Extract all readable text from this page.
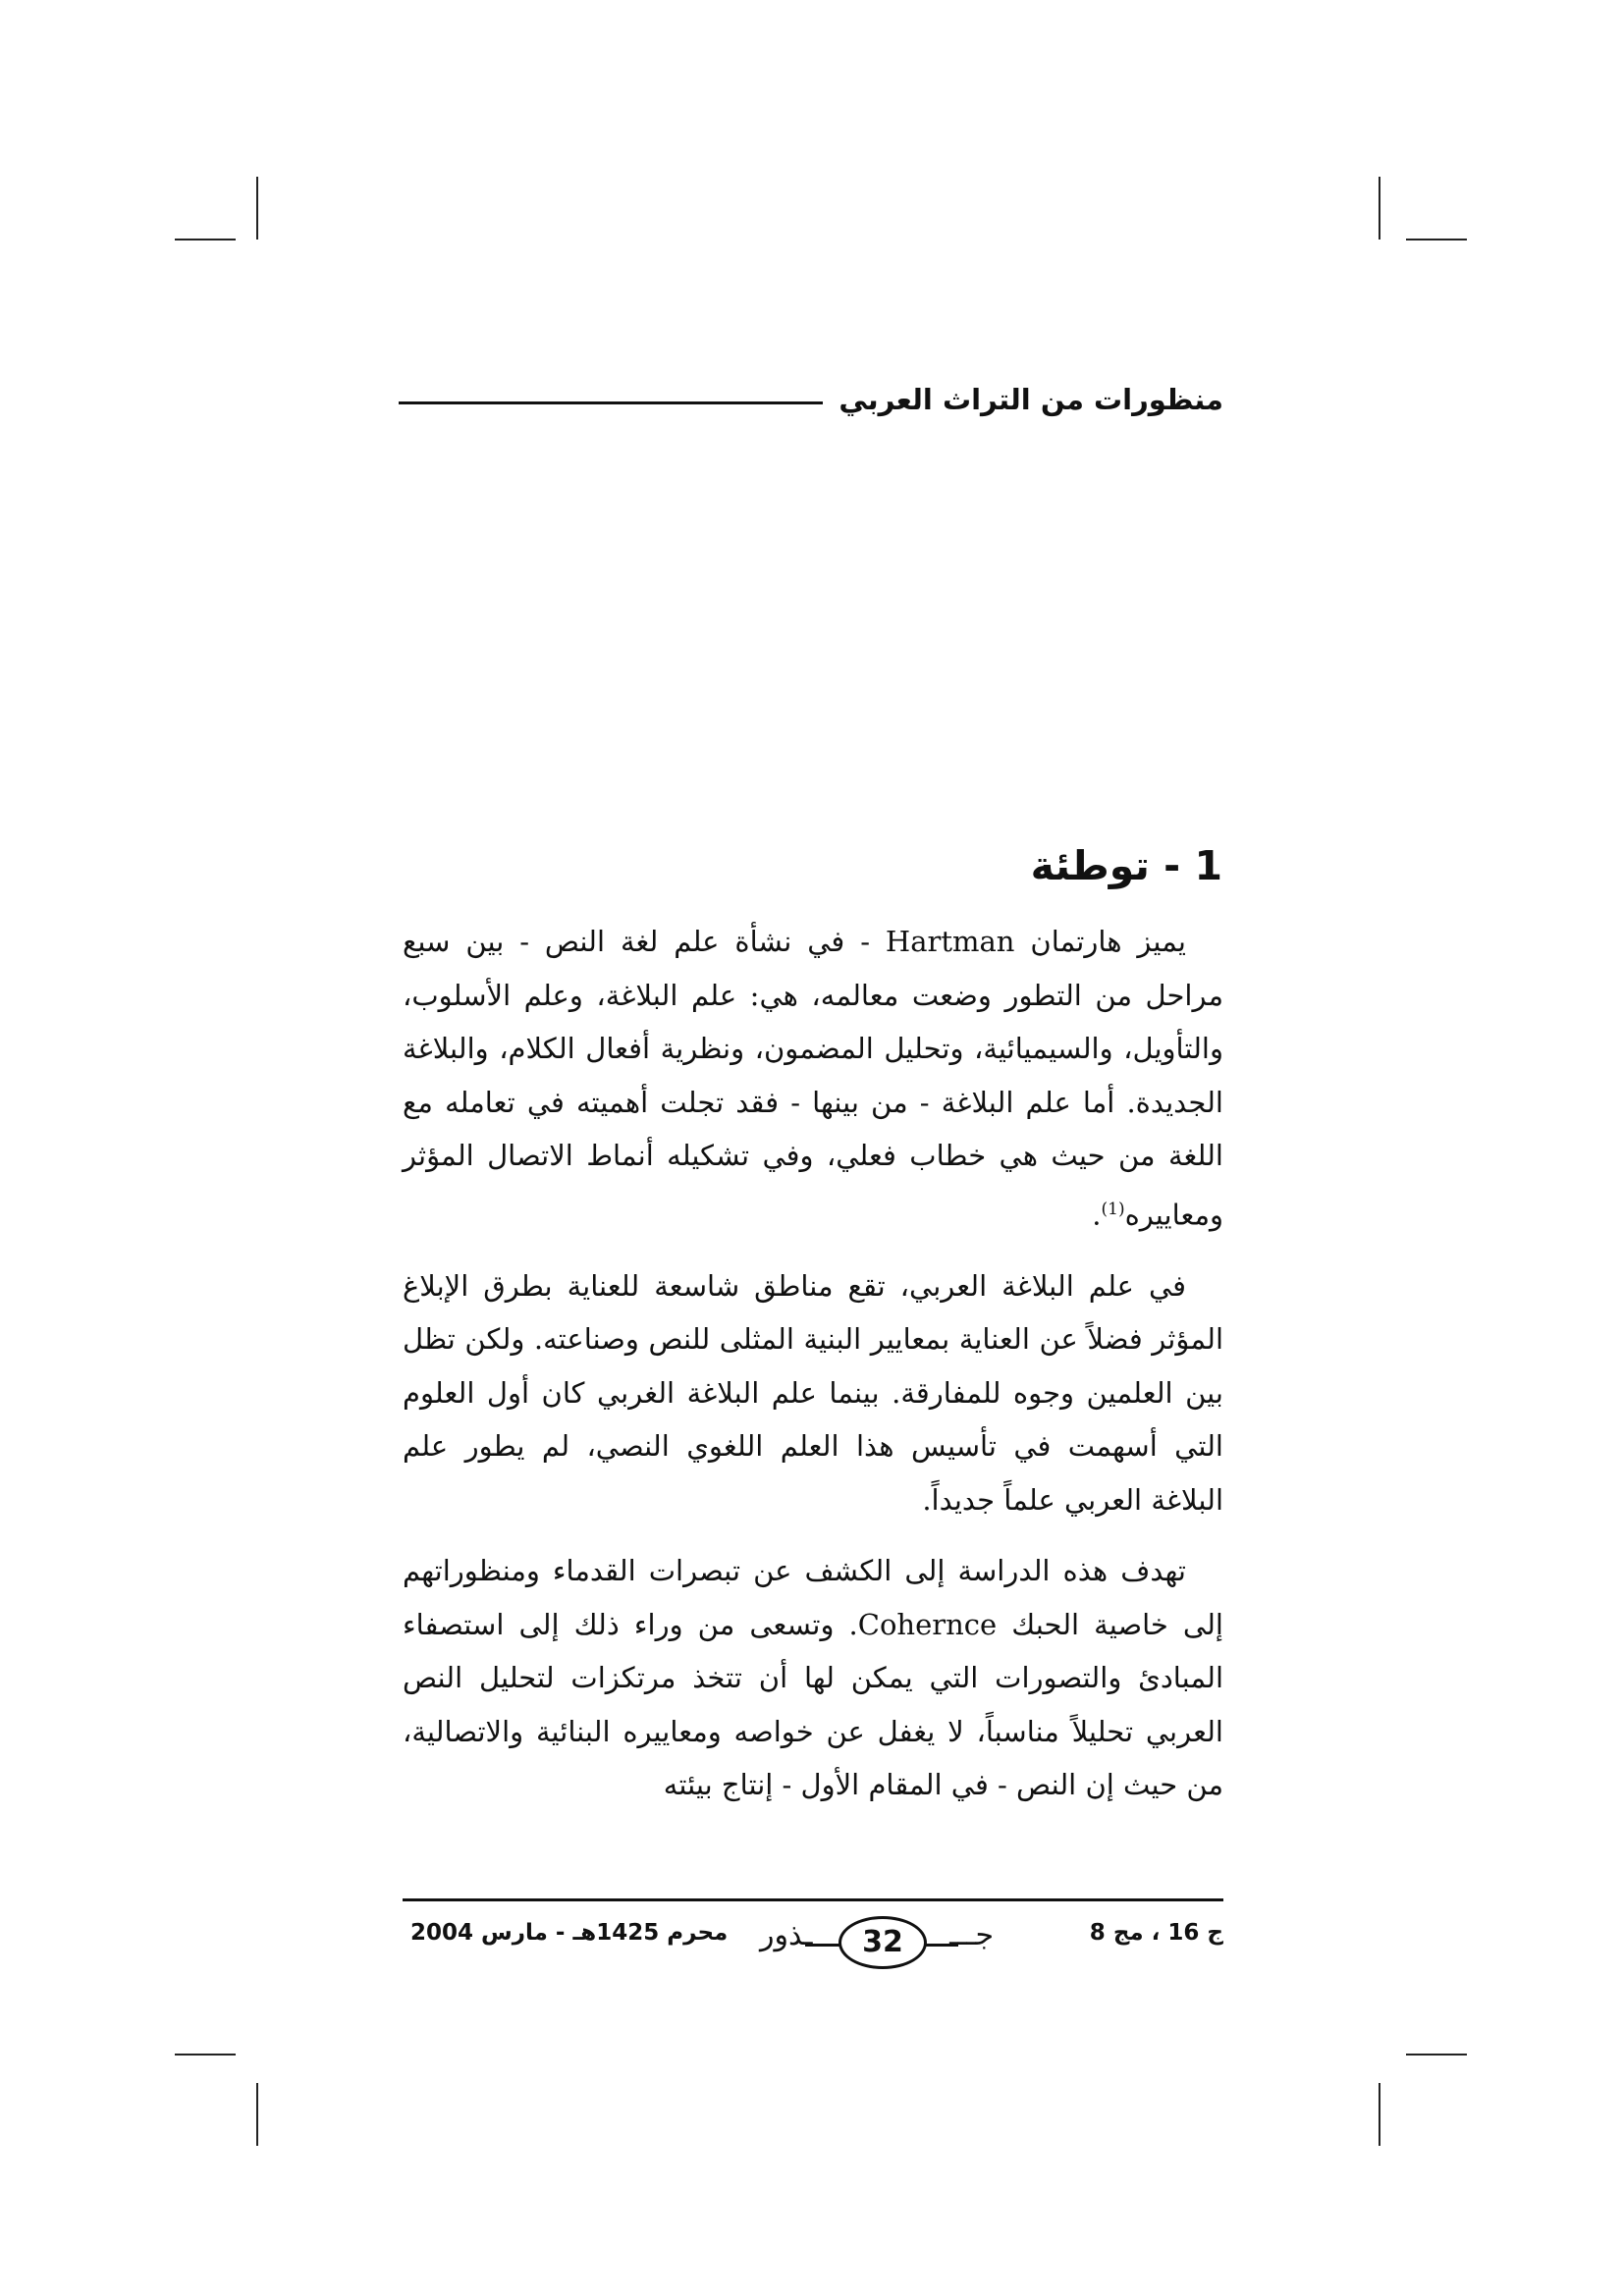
منظورات من التراث العربي
1 - توطئة

يميز هارتمان Hartman - في نشأة علم لغة النص - بين سبع مراحل من التطور وضعت معالمه، هي: علم البلاغة، وعلم الأسلوب، والتأويل، والسيميائية، وتحليل المضمون، ونظرية أفعال الكلام، والبلاغة الجديدة. أما علم البلاغة - من بينها - فقد تجلت أهميته في تعامله مع اللغة من حيث هي خطاب فعلي، وفي تشكيله أنماط الاتصال المؤثر ومعاييره$^{(1)}$.

في علم البلاغة العربي، تقع مناطق شاسعة للعناية بطرق الإبلاغ المؤثر فضلاً عن العناية بمعايير البنية المثلى للنص وصناعته. ولكن تظل بين العلمين وجوه للمفارقة. بينما علم البلاغة الغربي كان أول العلوم التي أسهمت في تأسيس هذا العلم اللغوي النصي، لم يطور علم البلاغة العربي علماً جديداً.

تهدف هذه الدراسة إلى الكشف عن تبصرات القدماء ومنظوراتهم إلى خاصية الحبك Cohernce. وتسعى من وراء ذلك إلى استصفاء المبادئ والتصورات التي يمكن لها أن تتخذ مرتكزات لتحليل النص العربي تحليلاً مناسباً، لا يغفل عن خواصه ومعاييره البنائية والاتصالية، من حيث إن النص - في المقام الأول - إنتاج بيئته

ج 16 ، مج 8
جـــ
ـذور	32
محرم 1425هـ - مارس 2004
